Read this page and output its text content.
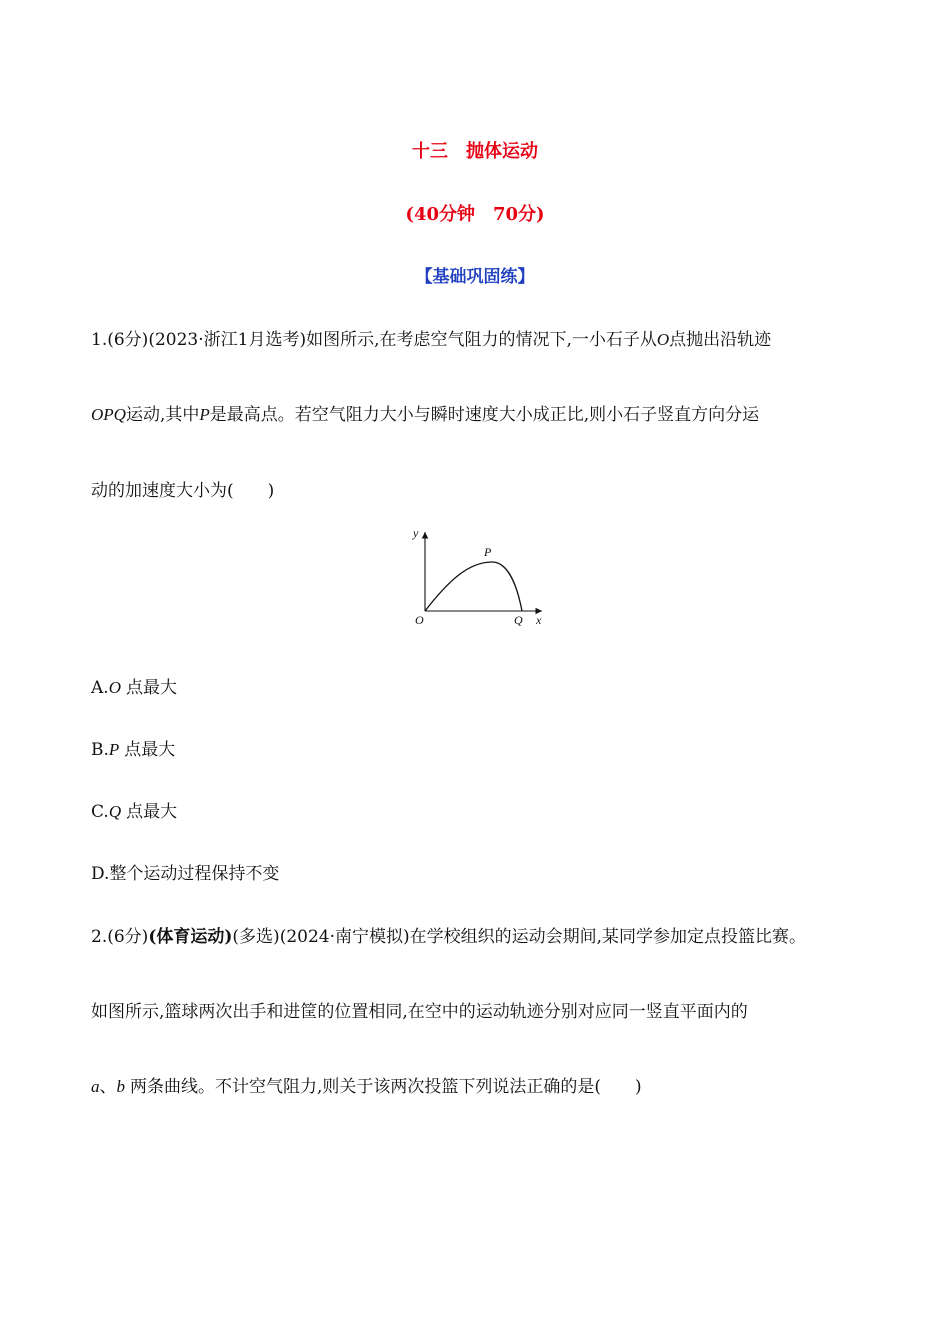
十三 抛体运动
(40分钟　70分)
【基础巩固练】
1.(6分)(2023·浙江1月选考)如图所示,在考虑空气阻力的情况下,一小石子从O点抛出沿轨迹
OPQ运动,其中P是最高点。若空气阻力大小与瞬时速度大小成正比,则小石子竖直方向分运
动的加速度大小为(　　)
y
x
O
P
Q
A.O 点最大
B.P 点最大
C.Q 点最大
D.整个运动过程保持不变
2.(6分)(体育运动)(多选)(2024·南宁模拟)在学校组织的运动会期间,某同学参加定点投篮比赛。
如图所示,篮球两次出手和进筐的位置相同,在空中的运动轨迹分别对应同一竖直平面内的
a、b 两条曲线。不计空气阻力,则关于该两次投篮下列说法正确的是(　　)
